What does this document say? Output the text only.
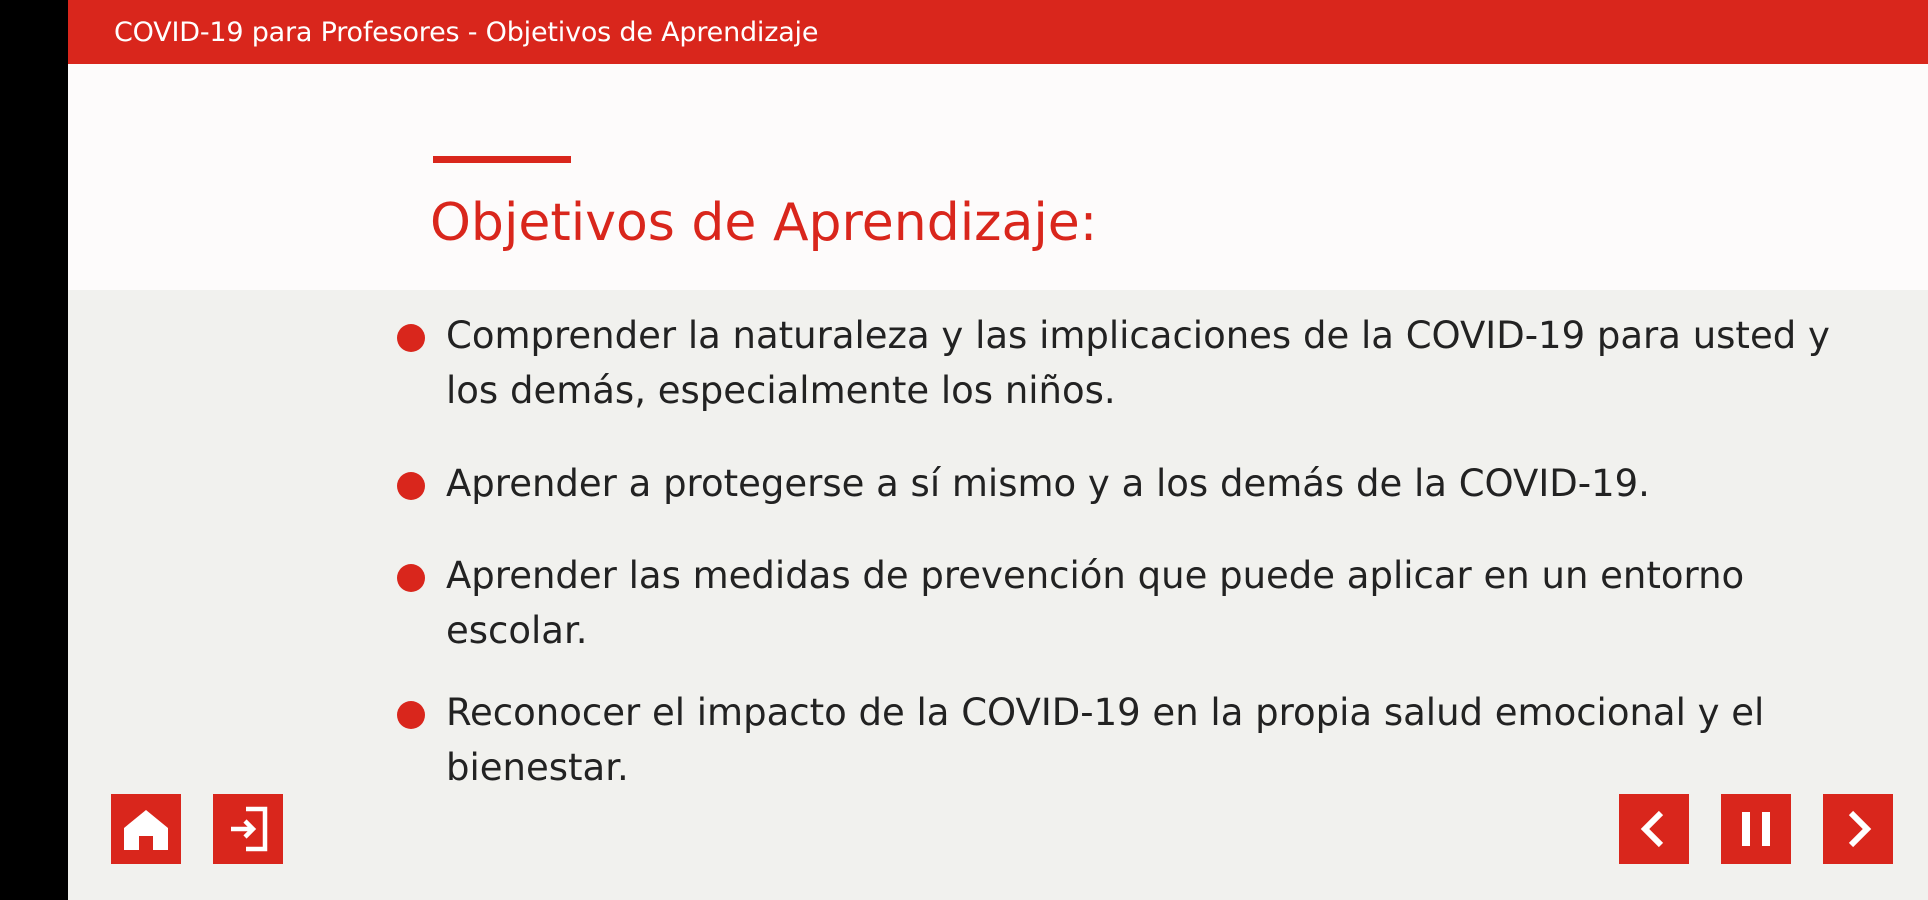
COVID-19 para Profesores - Objetivos de Aprendizaje
Objetivos de Aprendizaje:
Comprender la naturaleza y las implicaciones de la COVID-19 para usted y los demás, especialmente los niños.
Aprender a protegerse a sí mismo y a los demás de la COVID-19.
Aprender las medidas de prevención que puede aplicar en un entorno escolar.
Reconocer el impacto de la COVID-19 en la propia salud emocional y el bienestar.
